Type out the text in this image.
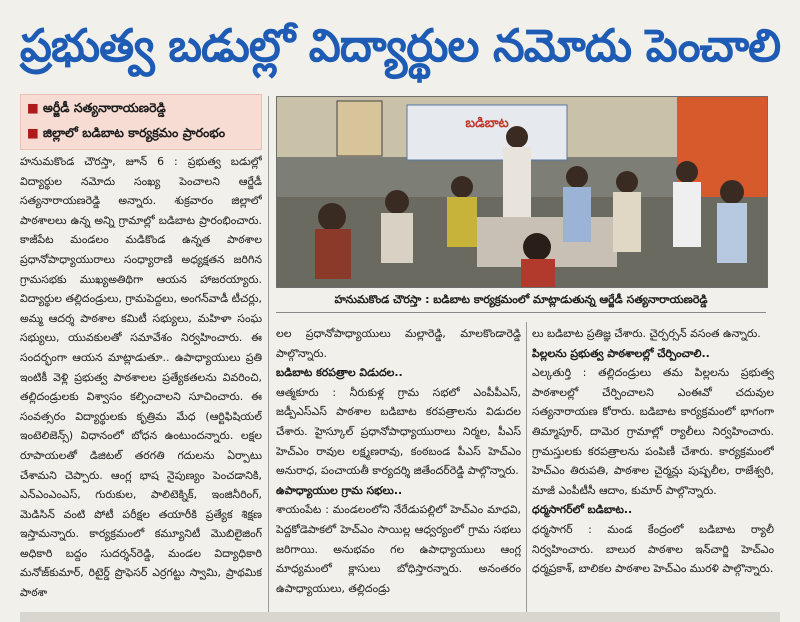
ప్రభుత్వ బడుల్లో విద్యార్థుల నమోదు పెంచాలి
■ అర్జీడీ సత్యనారాయణరెడ్డి
■ జిల్లాలో బడిబాట కార్యక్రమం ప్రారంభం

హనుమకొండ చౌరస్తా, జూన్ 6 : ప్రభుత్వ బడుల్లో విద్యార్థుల నమోదు సంఖ్య పెంచాలని ఆర్జేడీ సత్యనారాయణరెడ్డి అన్నారు. శుక్రవారం జిల్లాలో పాఠశాలలు ఉన్న అన్ని గ్రామాల్లో బడిబాట ప్రారంభించారు. కాజీపేట మండలం మడికొండ ఉన్నత పాఠశాల ప్రధానోపాధ్యాయురాలు సంధ్యారాణి అధ్యక్షతన జరిగిన గ్రామసభకు ముఖ్యఅతిథిగా ఆయన హాజరయ్యారు. విద్యార్థుల తల్లిదండ్రులు, గ్రామపెద్దలు, అంగన్‌వాడీ టీచర్లు, అమ్మ ఆదర్శ పాఠశాల కమిటీ సభ్యులు, మహిళా సంఘ సభ్యులు, యువకులతో సమావేశం నిర్వహించారు. ఈ సందర్భంగా ఆయన మాట్లాడుతూ.. ఉపాధ్యాయులు ప్రతి ఇంటికీ వెళ్లి ప్రభుత్వ పాఠశాలల ప్రత్యేకతలను వివరించి, తల్లిదండ్రులకు విశ్వాసం కల్పించాలని సూచించారు. ఈ సంవత్సరం విద్యార్థులకు కృత్రిమ మేధ (ఆర్టిఫిషియల్ ఇంటెలిజెన్స్) విధానంలో బోధన ఉంటుందన్నారు. లక్షల రూపాయలతో డిజిటల్ తరగతి గదులను ఏర్పాటు చేశామని చెప్పారు. ఆంగ్ల భాష నైపుణ్యం పెంచడానికి, ఎన్ఎంఎంఎస్, గురుకుల, పాలిటెక్నిక్, ఇంజినీరింగ్, మెడిసిన్ వంటి పోటీ పరీక్షల తయారీకి ప్రత్యేక శిక్షణ ఇస్తామన్నారు. కార్యక్రమంలో కమ్యూనిటీ మొబిలైజింగ్ అధికారి బద్దం సుదర్శన్‌రెడ్డి, మండల విద్యాధికారి మనోజ్‌కుమార్, రిటైర్డ్ ప్రొఫెసర్ ఎర్రగట్టు స్వామి, ప్రాథమిక పాఠశా

బడిబాట
హనుమకొండ చౌరస్తా : బడిబాట కార్యక్రమంలో మాట్లాడుతున్న ఆర్జేడీ సత్యనారాయణరెడ్డి

లల ప్రధానోపాధ్యాయులు మల్లారెడ్డి, మాలకొండారెడ్డి పాల్గొన్నారు.

బడిబాట కరపత్రాల విడుదల..

ఆత్మకూరు : నీరుకుళ్ల గ్రామ సభలో ఎంపీపీఎస్, జడ్పీఎస్ఎస్ పాఠశాల బడిబాట కరపత్రాలను విడుదల చేశారు. హైస్కూల్ ప్రధానోపాధ్యాయురాలు నిర్మల, పీఎస్ హెచ్ఎం రావుల లక్ష్మణరావు, కంఠబండ పీఎస్ హెచ్ఎం అనురాధ, పంచాయతీ కార్యదర్శి జితేందర్‌రెడ్డి పాల్గొన్నారు.

ఉపాధ్యాయుల గ్రామ సభలు..

శాయంపేట : మండలంలోని నేరేడుపల్లిలో హెచ్ఎం మాధవి, పెద్దకోడెపాకలో హెచ్ఎం సాయిల్ల ఆధ్వర్యంలో గ్రామ సభలు జరిగాయి. అనుభవం గల ఉపాధ్యాయులు ఆంగ్ల మాధ్యమంలో క్లాసులు బోధిస్తారన్నారు. అనంతరం ఉపాధ్యాయులు, తల్లిదండ్రు

లు బడిబాట ప్రతిజ్ఞ చేశారు. చైర్పర్సన్ వసంత ఉన్నారు.

పిల్లలను ప్రభుత్వ పాఠశాలల్లో చేర్పించాలి..

ఎల్కతుర్తి : తల్లిదండ్రులు తమ పిల్లలను ప్రభుత్వ పాఠశాలల్లో చేర్పించాలని ఎంఈవో చదువుల సత్యనారాయణ కోరారు. బడిబాట కార్యక్రమంలో భాగంగా తిమ్మాపూర్, దామెర గ్రామాల్లో ర్యాలీలు నిర్వహించారు. గ్రామస్తులకు కరపత్రాలను పంపిణీ చేశారు. కార్యక్రమంలో హెచ్ఎం తిరుపతి, పాఠశాల చైర్మన్లు పుష్పలీల, రాజేశ్వరి, మాజీ ఎంపీటీసీ ఆదాం, కుమార్ పాల్గొన్నారు.

ధర్మసాగర్‌లో బడిబాట..

ధర్మసాగర్ : మండ కేంద్రంలో బడిబాట ర్యాలీ నిర్వహించారు. బాలుర పాఠశాల ఇన్‌చార్జి హెచ్ఎం ధర్మప్రకాశ్, బాలికల పాఠశాల హెచ్ఎం మురళి పాల్గొన్నారు.
